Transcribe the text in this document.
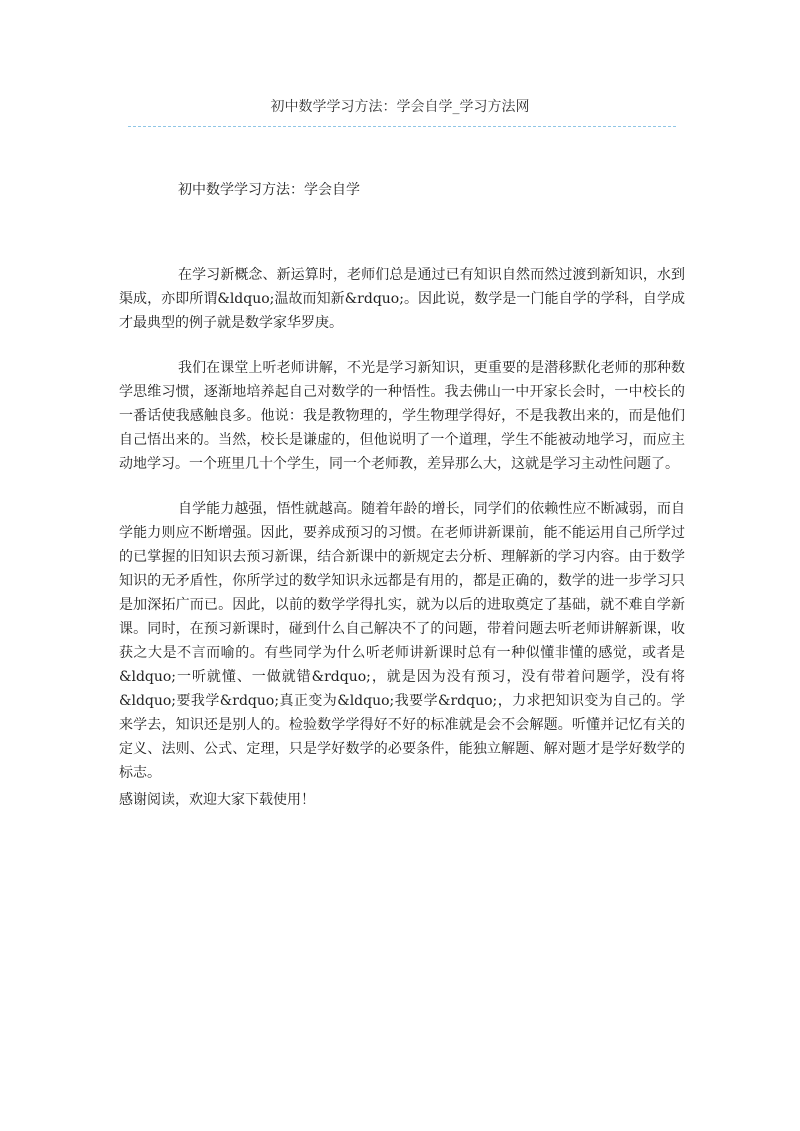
初中数学学习方法：学会自学_学习方法网
初中数学学习方法：学会自学

在学习新概念、新运算时，老师们总是通过已有知识自然而然过渡到新知识，水到渠成，亦即所谓&ldquo;温故而知新&rdquo;。因此说，数学是一门能自学的学科，自学成才最典型的例子就是数学家华罗庚。

我们在课堂上听老师讲解，不光是学习新知识，更重要的是潜移默化老师的那种数学思维习惯，逐渐地培养起自己对数学的一种悟性。我去佛山一中开家长会时，一中校长的一番话使我感触良多。他说：我是教物理的，学生物理学得好，不是我教出来的，而是他们自己悟出来的。当然，校长是谦虚的，但他说明了一个道理，学生不能被动地学习，而应主动地学习。一个班里几十个学生，同一个老师教，差异那么大，这就是学习主动性问题了。

自学能力越强，悟性就越高。随着年龄的增长，同学们的依赖性应不断减弱，而自学能力则应不断增强。因此，要养成预习的习惯。在老师讲新课前，能不能运用自己所学过的已掌握的旧知识去预习新课，结合新课中的新规定去分析、理解新的学习内容。由于数学知识的无矛盾性，你所学过的数学知识永远都是有用的，都是正确的，数学的进一步学习只是加深拓广而已。因此，以前的数学学得扎实，就为以后的进取奠定了基础，就不难自学新课。同时，在预习新课时，碰到什么自己解决不了的问题，带着问题去听老师讲解新课，收获之大是不言而喻的。有些同学为什么听老师讲新课时总有一种似懂非懂的感觉，或者是&ldquo;一听就懂、一做就错&rdquo;，就是因为没有预习，没有带着问题学，没有将&ldquo;要我学&rdquo;真正变为&ldquo;我要学&rdquo;，力求把知识变为自己的。学来学去，知识还是别人的。检验数学学得好不好的标准就是会不会解题。听懂并记忆有关的定义、法则、公式、定理，只是学好数学的必要条件，能独立解题、解对题才是学好数学的标志。

感谢阅读，欢迎大家下载使用！
